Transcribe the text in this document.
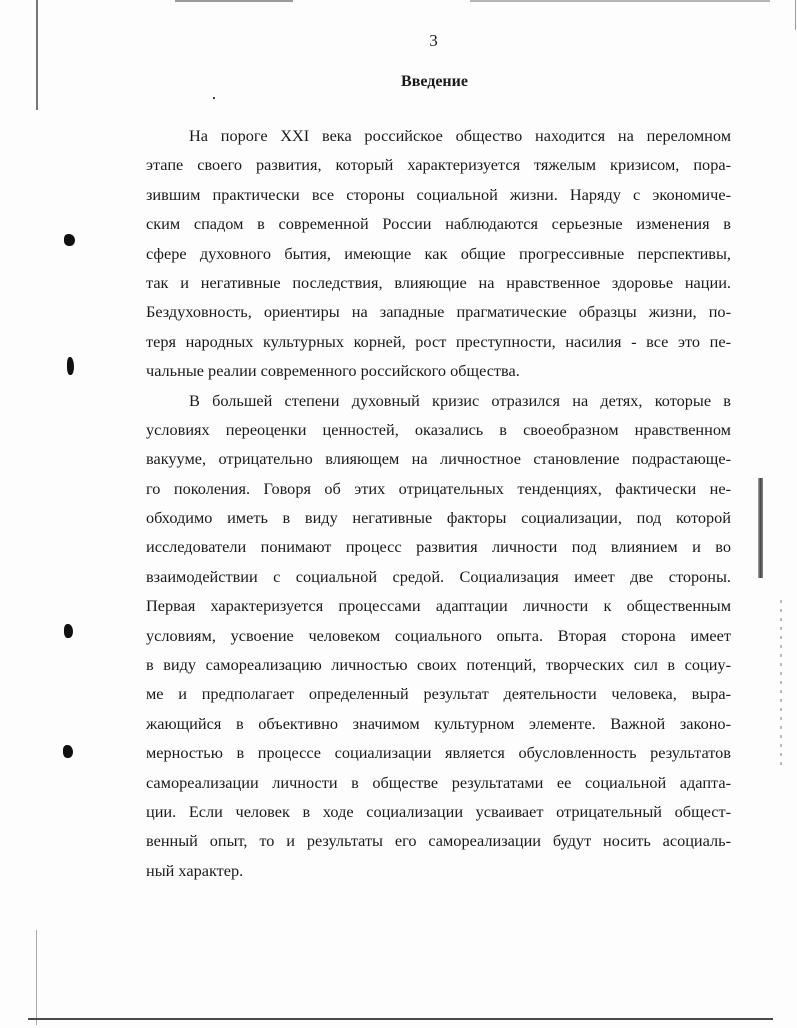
3
Введение
На пороге XXI века российское общество находится на переломном
этапе своего развития, который характеризуется тяжелым кризисом, пора-
зившим практически все стороны социальной жизни. Наряду с экономиче-
ским спадом в современной России наблюдаются серьезные изменения в
сфере духовного бытия, имеющие как общие прогрессивные перспективы,
так и негативные последствия, влияющие на нравственное здоровье нации.
Бездуховность, ориентиры на западные прагматические образцы жизни, по-
теря народных культурных корней, рост преступности, насилия - все это пе-
чальные реалии современного российского общества.
В большей степени духовный кризис отразился на детях, которые в
условиях переоценки ценностей, оказались в своеобразном нравственном
вакууме, отрицательно влияющем на личностное становление подрастающе-
го поколения. Говоря об этих отрицательных тенденциях, фактически не-
обходимо иметь в виду негативные факторы социализации, под которой
исследователи понимают процесс развития личности под влиянием и во
взаимодействии с социальной средой. Социализация имеет две стороны.
Первая характеризуется процессами адаптации личности к общественным
условиям, усвоение человеком социального опыта. Вторая сторона имеет
в виду самореализацию личностью своих потенций, творческих сил в социу-
ме и предполагает определенный результат деятельности человека, выра-
жающийся в объективно значимом культурном элементе. Важной законо-
мерностью в процессе социализации является обусловленность результатов
самореализации личности в обществе результатами ее социальной адапта-
ции. Если человек в ходе социализации усваивает отрицательный общест-
венный опыт, то и результаты его самореализации будут носить асоциаль-
ный характер.
